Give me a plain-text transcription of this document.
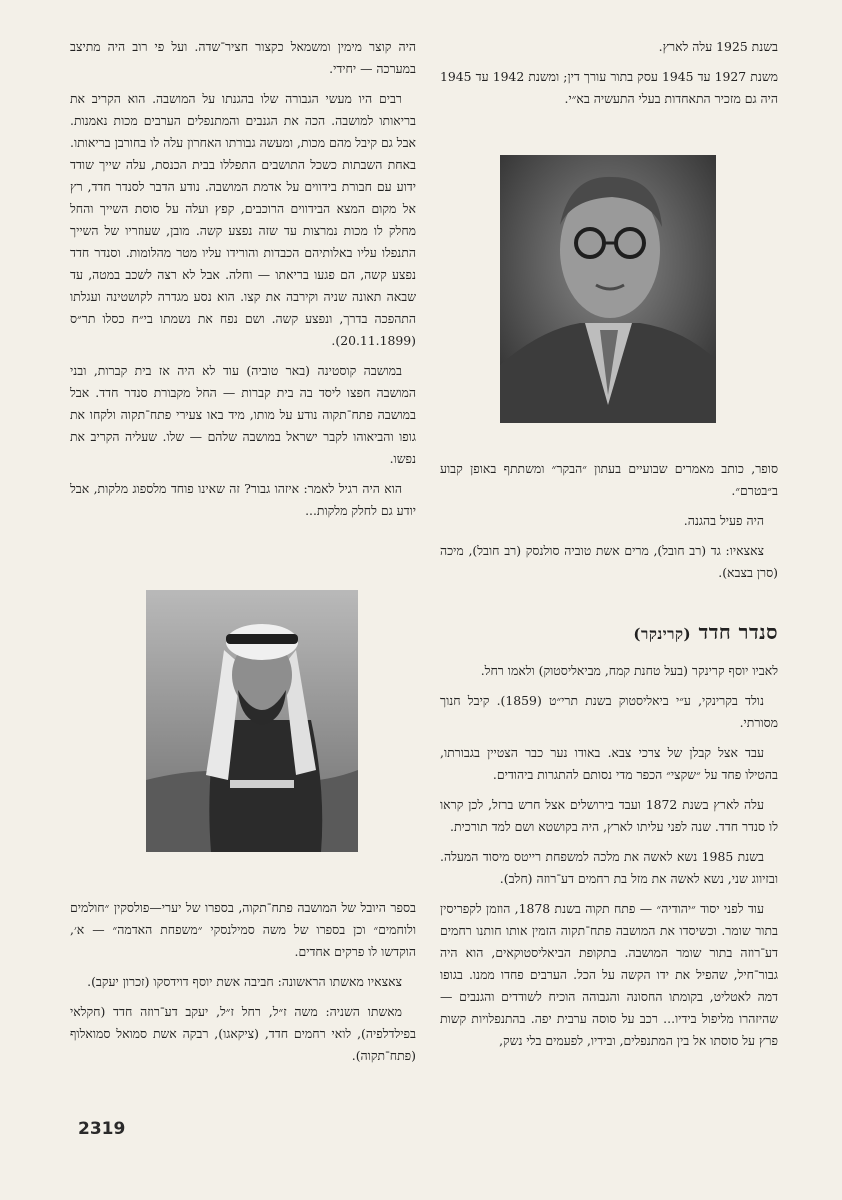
בשנת 1925 עלה לארץ.

משנת 1927 עד 1945 עסק בתור עורך דין; ומשנת 1942 עד 1945 היה גם מזכיר התאחדות בעלי התעשיה בא״י.

סופר, כותב מאמרים שבועיים בעתון ״הבקר״ ומשתתף באופן קבוע ב״בטרם״.

היה פעיל בהגנה.

צאצאיו: גד (רב חובל), מרים אשת טוביה סולנסק (רב חובל), מיכה (סרן בצבא).

סנדר חדד (קרינקר)

לאביו יוסף קרינקר (בעל טחנת קמח, מביאליסטוק) ולאמו רחל.

נולד בקרינקי, ע״י ביאליסטוק בשנת תרי״ט (1859). קיבל חנוך מסורתי.

עבד אצל קבלן של צרכי צבא. באודו נער כבר הצטיין בגבורתו, בהטילו פחד על ״שקצי״ הכפר מדי נסותם להתגרות ביהודים.

עלה לארץ בשנת 1872 ועבד בירושלים אצל חרש ברזל, לכן קראו לו סנדר חדד. שנה לפני עליתו לארץ, היה בקושטא ושם למד תורכית.

בשנת 1985 נשא לאשה את מלכה למשפחת רייטס מיסוד המעלה. ובזיווג שני, נשא לאשה את מזל בת רחמים דע־רוזה (חלב).

עוד לפני יסוד ״יהודיה״ — פתח תקוה בשנת 1878, הוזמן לקפריסין בתור שומר. וכשיסדו את המושבה פתח־תקוה הזמין אותו חותנו רחמים דע־רוזה בתור שומר המושבה. בתקופת הביאליסטוקאים, הוא היה גבור־חיל, שהפיל את ידו הקשה על הכל. הערבים פחדו ממנו. בגופו דמה לאטליט, בקומתו החסונה והגבוהה הוכיח לשודדים והגנבים — שהיזהרו מליפול בידיו... רכב על סוסה ערבית יפה. בהתנפלויות קשות פרץ על סוסתו אל בין המתנפלים, ובידיו, לפעמים בלי נשק,

היה קוצר מימין ומשמאל כקצור חציר־שדה. ועל פי רוב היה מתיצב במערכה — יחידי.

רבים היו מעשי הגבורה שלו בהגנתו על המושבה. הוא הקריב את בריאותו למושבה. הכה את הגנבים והמתנפלים הערבים מכות נאמנות. אבל גם קיבל מהם מכות, ומעשה גבורתו האחרון עלה לו בחורבן בריאותו. באחת השבתות כשכל התושבים התפללו בבית הכנסת, עלה שייך שודד ידוע עם חבורת בידווים על אדמת המושבה. נודע הדבר לסנדר חדד, רץ אל מקום המצא הבידווים הרוכבים, קפץ ועלה על סוסת השייך והחל מחלק לו מכות נמרצות עד שזה נפצע קשה. מובן, שעוזריו של השייך התנפלו עליו באלותיהם הכבדות והורידו עליו מטר מהלומות. וסנדר חדד נפצע קשה, הם פגעו בריאתו — וחלה. אבל לא רצה לשכב במטה, עד שבאה תאונה שניה וקירבה את קצו. הוא נסע מגדרה לקושטינה ועגלתו התהפכה בדרך, ונפצע קשה. ושם נפח את נשמתו בי״ח כסלו תר״ס (20.11.1899).

במושבה קוסטינה (באר טוביה) עוד לא היה אז בית קברות, ובני המושבה חפצו ליסד בה בית קברות — החל מקבורת סנדר חדד. אבל במושבה פתח־תקוה נודע על מותו, מיד באו צעירי פתח־תקוה ולקחו את גופו והביאוהו לקבר ישראל במושבה שלהם — שלו. שעליה הקריב את נפשו.

הוא היה רגיל לאמר: איזהו גבור? זה שאינו פוחד מלספוג מלקות, אבל יודע גם לחלק מלקות...

בספר היובל של המושבה פתח־תקוה, בספרו של יערי—פולסקין ״חולמים ולוחמים״ וכן בספרו של משה סמילנסקי ״משפחת האדמה״ — א׳, הוקדשו לו פרקים אחדים.

צאצאיו מאשתו הראשונה: חביבה אשת יוסף דוידסקו (זכרון יעקב).

מאשתו השניה: משה ז״ל, רחל ז״ל, יעקב דע־רוזה חדד (חקלאי בפילדלפיה), לואי רחמים חדד, (ציקאגו), רבקה אשת סמואל סמואלוף (פתח־תקוה).

2319
